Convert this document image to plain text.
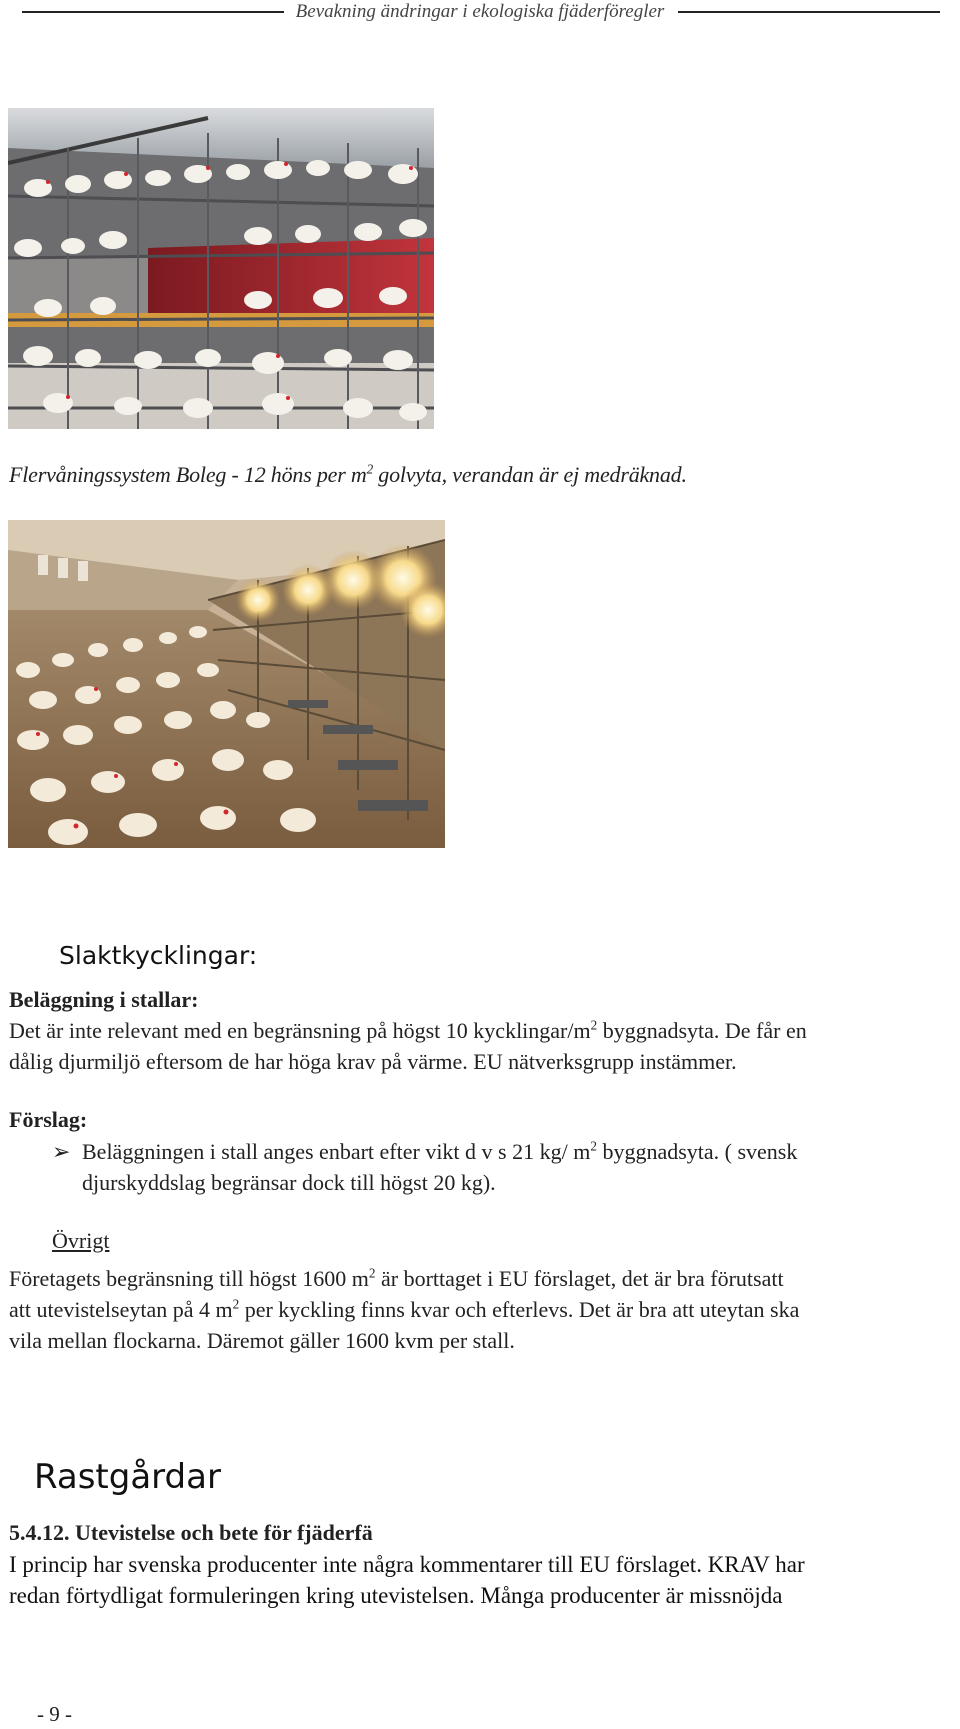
Bevakning ändringar i ekologiska fjäderföregler
Flervåningssystem Boleg - 12 höns per $m^2$ golvyta, verandan är ej medräknad.
Slaktkycklingar:
Beläggning i stallar:
Det är inte relevant med en begränsning på högst 10 kycklingar/$m^2$ byggnadsyta. De får en
dålig djurmiljö eftersom de har höga krav på värme. EU nätverksgrupp instämmer.
Förslag:
➢ Beläggningen i stall anges enbart efter vikt d v s 21 kg/ $m^2$ byggnadsyta. ( svensk
djurskyddslag begränsar dock till högst 20 kg).
Övrigt
Företagets begränsning till högst 1600 $m^2$ är borttaget i EU förslaget, det är bra förutsatt
att utevistelseytan på 4 $m^2$ per kyckling finns kvar och efterlevs. Det är bra att uteytan ska
vila mellan flockarna. Däremot gäller 1600 kvm per stall.
Rastgårdar
5.4.12. Utevistelse och bete för fjäderfä
I princip har svenska producenter inte några kommentarer till EU förslaget. KRAV har
redan förtydligat formuleringen kring utevistelsen. Många producenter är missnöjda
- 9 -
